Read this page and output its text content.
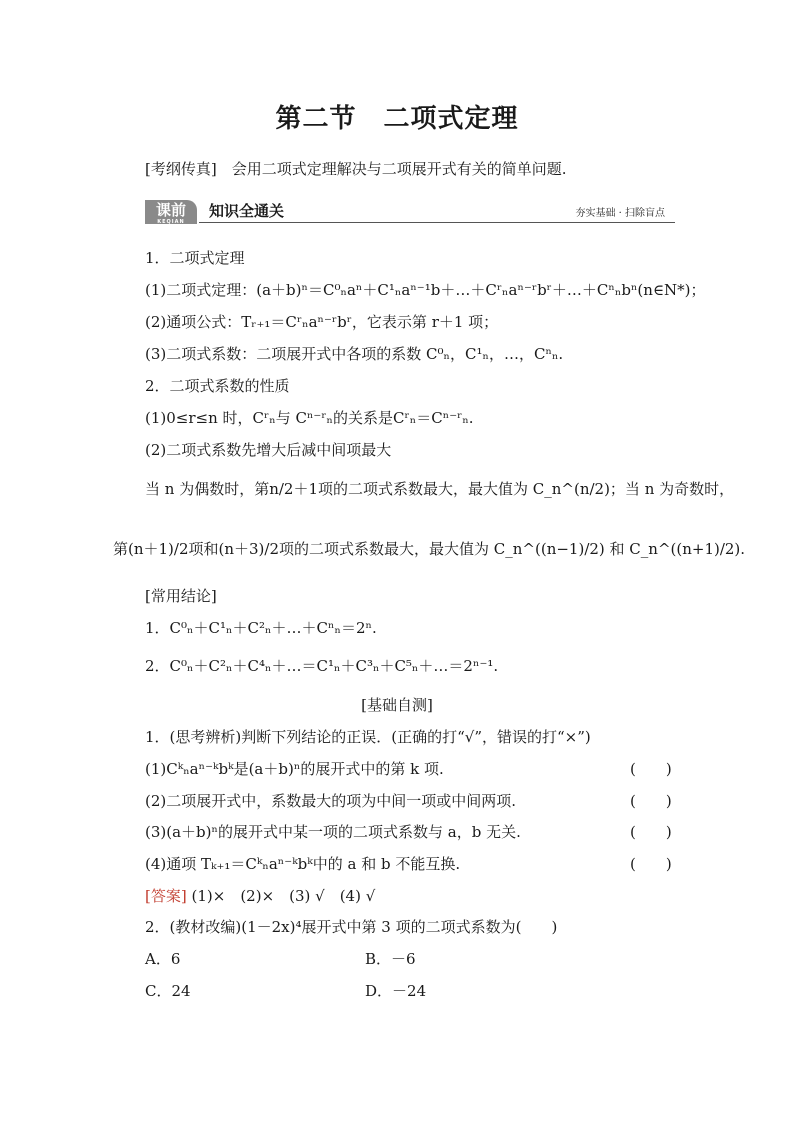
第二节　二项式定理
[考纲传真]　会用二项式定理解决与二项展开式有关的简单问题.
课前
KEQIAN
知识全通关	夯实基础 · 扫除盲点
1．二项式定理
(1)二项式定理：(a＋b)ⁿ＝C⁰ₙaⁿ＋C¹ₙaⁿ⁻¹b＋…＋Cʳₙaⁿ⁻ʳbʳ＋…＋Cⁿₙbⁿ(n∈N*)；
(2)通项公式：Tᵣ₊₁＝Cʳₙaⁿ⁻ʳbʳ，它表示第 r＋1 项；
(3)二项式系数：二项展开式中各项的系数 C⁰ₙ，C¹ₙ，…，Cⁿₙ.
2．二项式系数的性质
(1)0≤r≤n 时，Cʳₙ与 Cⁿ⁻ʳₙ的关系是Cʳₙ＝Cⁿ⁻ʳₙ.
(2)二项式系数先增大后减中间项最大
当 n 为偶数时，第n/2＋1项的二项式系数最大，最大值为 C_n^(n/2)；当 n 为奇数时，
第(n＋1)/2项和(n＋3)/2项的二项式系数最大，最大值为 C_n^((n−1)/2) 和 C_n^((n+1)/2).
[常用结论]
1．C⁰ₙ＋C¹ₙ＋C²ₙ＋…＋Cⁿₙ＝2ⁿ.
2．C⁰ₙ＋C²ₙ＋C⁴ₙ＋…＝C¹ₙ＋C³ₙ＋C⁵ₙ＋…＝2ⁿ⁻¹.
[基础自测]
1．(思考辨析)判断下列结论的正误．(正确的打“√”，错误的打“×”)
(1)Cᵏₙaⁿ⁻ᵏbᵏ是(a＋b)ⁿ的展开式中的第 k 项.	(　　)
(2)二项展开式中，系数最大的项为中间一项或中间两项.	(　　)
(3)(a＋b)ⁿ的展开式中某一项的二项式系数与 a，b 无关.	(　　)
(4)通项 Tₖ₊₁＝Cᵏₙaⁿ⁻ᵏbᵏ中的 a 和 b 不能互换.	(　　)
[答案] (1)×　(2)×　(3) √　(4) √
2．(教材改编)(1－2x)⁴展开式中第 3 项的二项式系数为(　　)
A．6	B．－6
C．24	D．－24
